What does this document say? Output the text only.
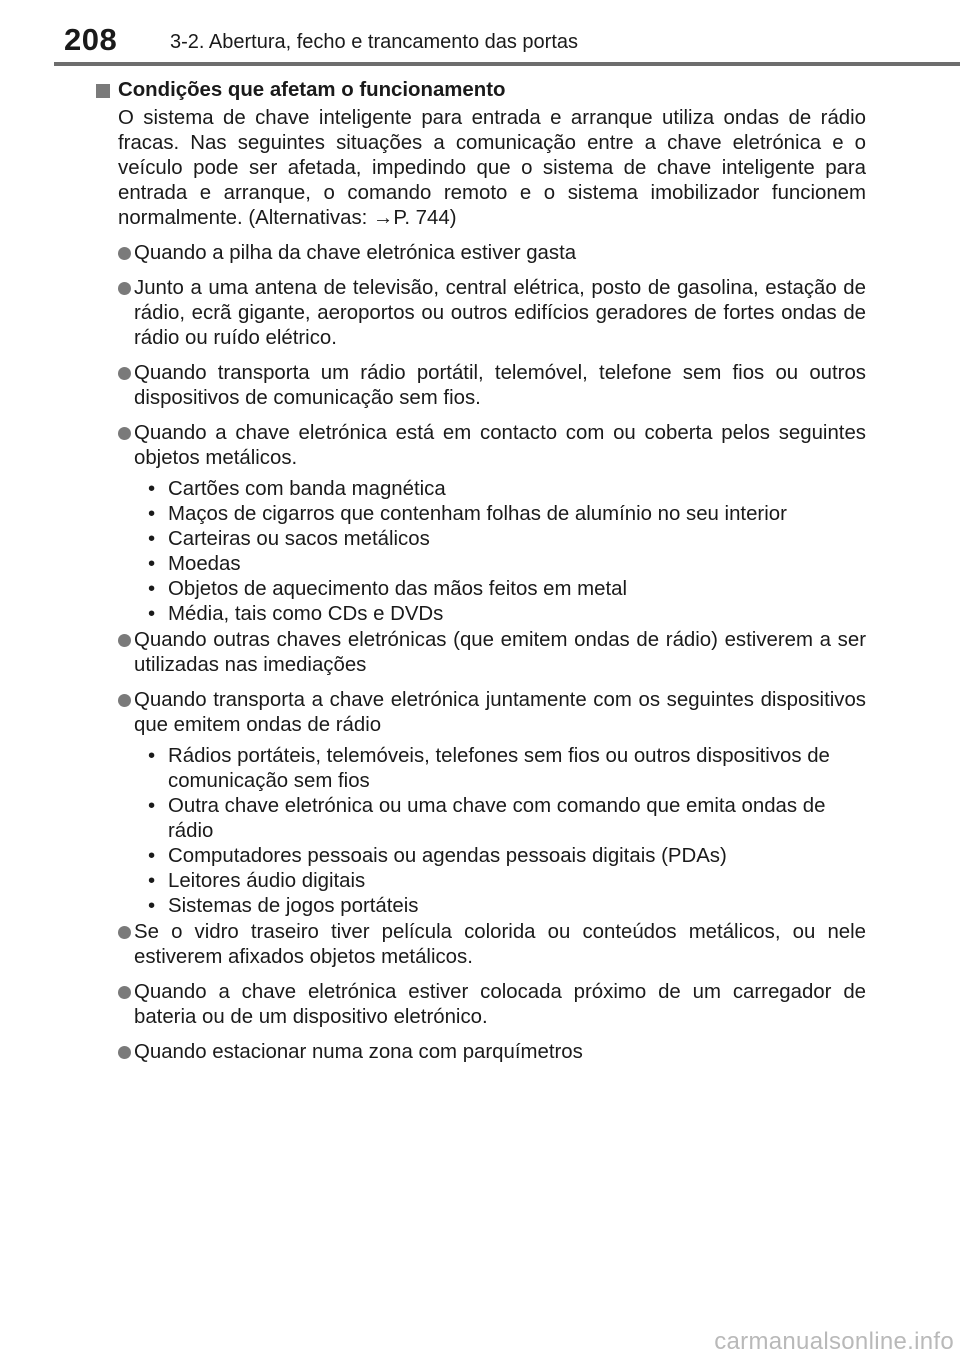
208	3-2. Abertura, fecho e trancamento das portas
Condições que afetam o funcionamento

O sistema de chave inteligente para entrada e arranque utiliza ondas de rádio fracas. Nas seguintes situações a comunicação entre a chave eletrónica e o veículo pode ser afetada, impedindo que o sistema de chave inteligente para entrada e arranque, o comando remoto e o sistema imobilizador funcionem normalmente. (Alternativas: →P. 744)

Quando a pilha da chave eletrónica estiver gasta
Junto a uma antena de televisão, central elétrica, posto de gasolina, estação de rádio, ecrã gigante, aeroportos ou outros edifícios geradores de fortes ondas de rádio ou ruído elétrico.
Quando transporta um rádio portátil, telemóvel, telefone sem fios ou outros dispositivos de comunicação sem fios.
Quando a chave eletrónica está em contacto com ou coberta pelos seguintes objetos metálicos.
• Cartões com banda magnética
• Maços de cigarros que contenham folhas de alumínio no seu interior
• Carteiras ou sacos metálicos
• Moedas
• Objetos de aquecimento das mãos feitos em metal
• Média, tais como CDs e DVDs
Quando outras chaves eletrónicas (que emitem ondas de rádio) estiverem a ser utilizadas nas imediações
Quando transporta a chave eletrónica juntamente com os seguintes dispositivos que emitem ondas de rádio
• Rádios portáteis, telemóveis, telefones sem fios ou outros dispositivos de comunicação sem fios
• Outra chave eletrónica ou uma chave com comando que emita ondas de rádio
• Computadores pessoais ou agendas pessoais digitais (PDAs)
• Leitores áudio digitais
• Sistemas de jogos portáteis
Se o vidro traseiro tiver película colorida ou conteúdos metálicos, ou nele estiverem afixados objetos metálicos.
Quando a chave eletrónica estiver colocada próximo de um carregador de bateria ou de um dispositivo eletrónico.
Quando estacionar numa zona com parquímetros
carmanualsonline.info
